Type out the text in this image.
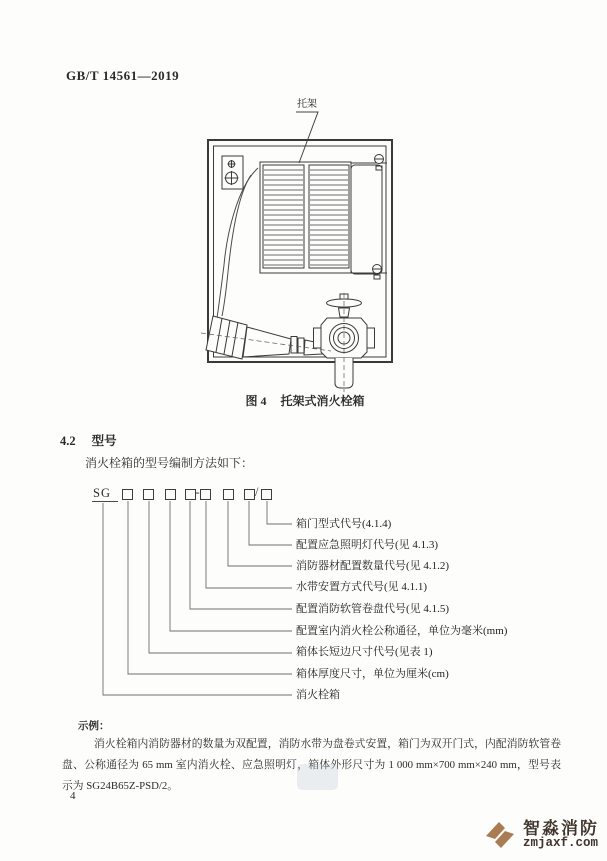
GB/T 14561—2019
托架
图 4 托架式消火栓箱
4.2 型号
消火栓箱的型号编制方法如下：
SG	-	/
箱门型式代号(4.1.4)
配置应急照明灯代号(见 4.1.3)
消防器材配置数量代号(见 4.1.2)
水带安置方式代号(见 4.1.1)
配置消防软管卷盘代号(见 4.1.5)
配置室内消火栓公称通径，单位为毫米(mm)
箱体长短边尺寸代号(见表 1)
箱体厚度尺寸，单位为厘米(cm)
消火栓箱
示例：
消火栓箱内消防器材的数量为双配置，消防水带为盘卷式安置，箱门为双开门式，内配消防软管卷盘、公称通径为 65 mm 室内消火栓、应急照明灯，箱体外形尺寸为 1 000 mm×700 mm×240 mm，型号表示为 SG24B65Z-PSD/2。
4
智淼消防
zmjaxf.com
